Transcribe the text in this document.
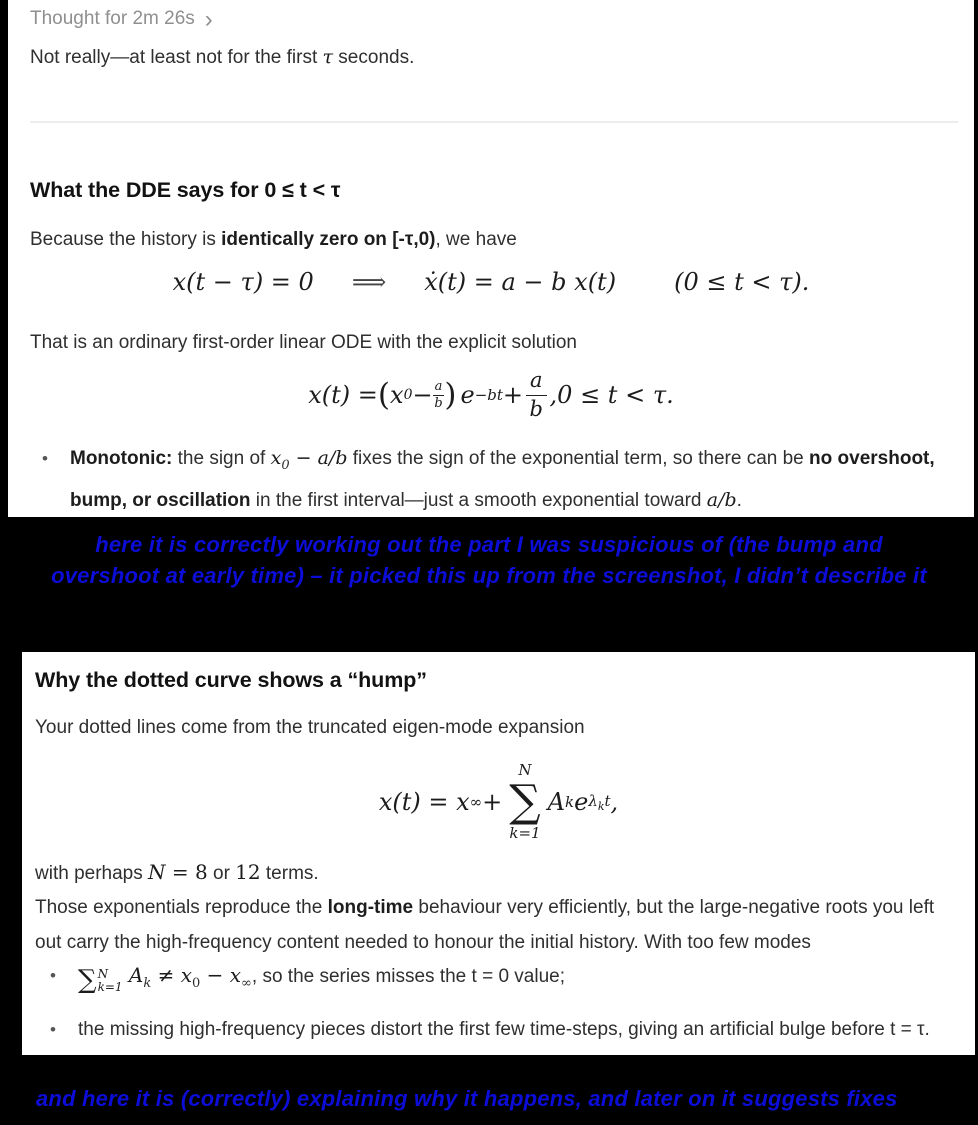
Thought for 2m 26s ›
Not really—at least not for the first τ seconds.
What the DDE says for 0 ≤ t < τ
Because the history is identically zero on [-τ,0), we have
x(t − τ) = 0 ⟹ ẋ(t) = a − b x(t) (0 ≤ t < τ).
That is an ordinary first-order linear ODE with the explicit solution
x(t) = ( x $0 - \frac{a}{b}$ ) $e -bt + \frac{a}{b}$ , 0 ≤ t < τ.
•	Monotonic: the sign of $x_0 - a/b$ fixes the sign of the exponential term, so there can be no overshoot, bump, or oscillation in the first interval—just a smooth exponential toward a/b.
here it is correctly working out the part I was suspicious of (the bump and
overshoot at early time) – it picked this up from the screenshot, I didn’t describe it
Why the dotted curve shows a “hump”
Your dotted lines come from the truncated eigen-mode expansion
x(t) = x ∞ +
N
∑
k=1
A k e $\lambda_kt$ ,
with perhaps N = 8 or 12 terms.
Those exponentials reproduce the long-time behaviour very efficiently, but the large-negative roots you left out carry the high-frequency content needed to honour the initial history. With too few modes
• ∑ N
k=1 $A_k \ne x_0 - x_\infty$, so the series misses the t = 0 value;
•	the missing high-frequency pieces distort the first few time-steps, giving an artificial bulge before t = τ.
and here it is (correctly) explaining why it happens, and later on it suggests fixes
